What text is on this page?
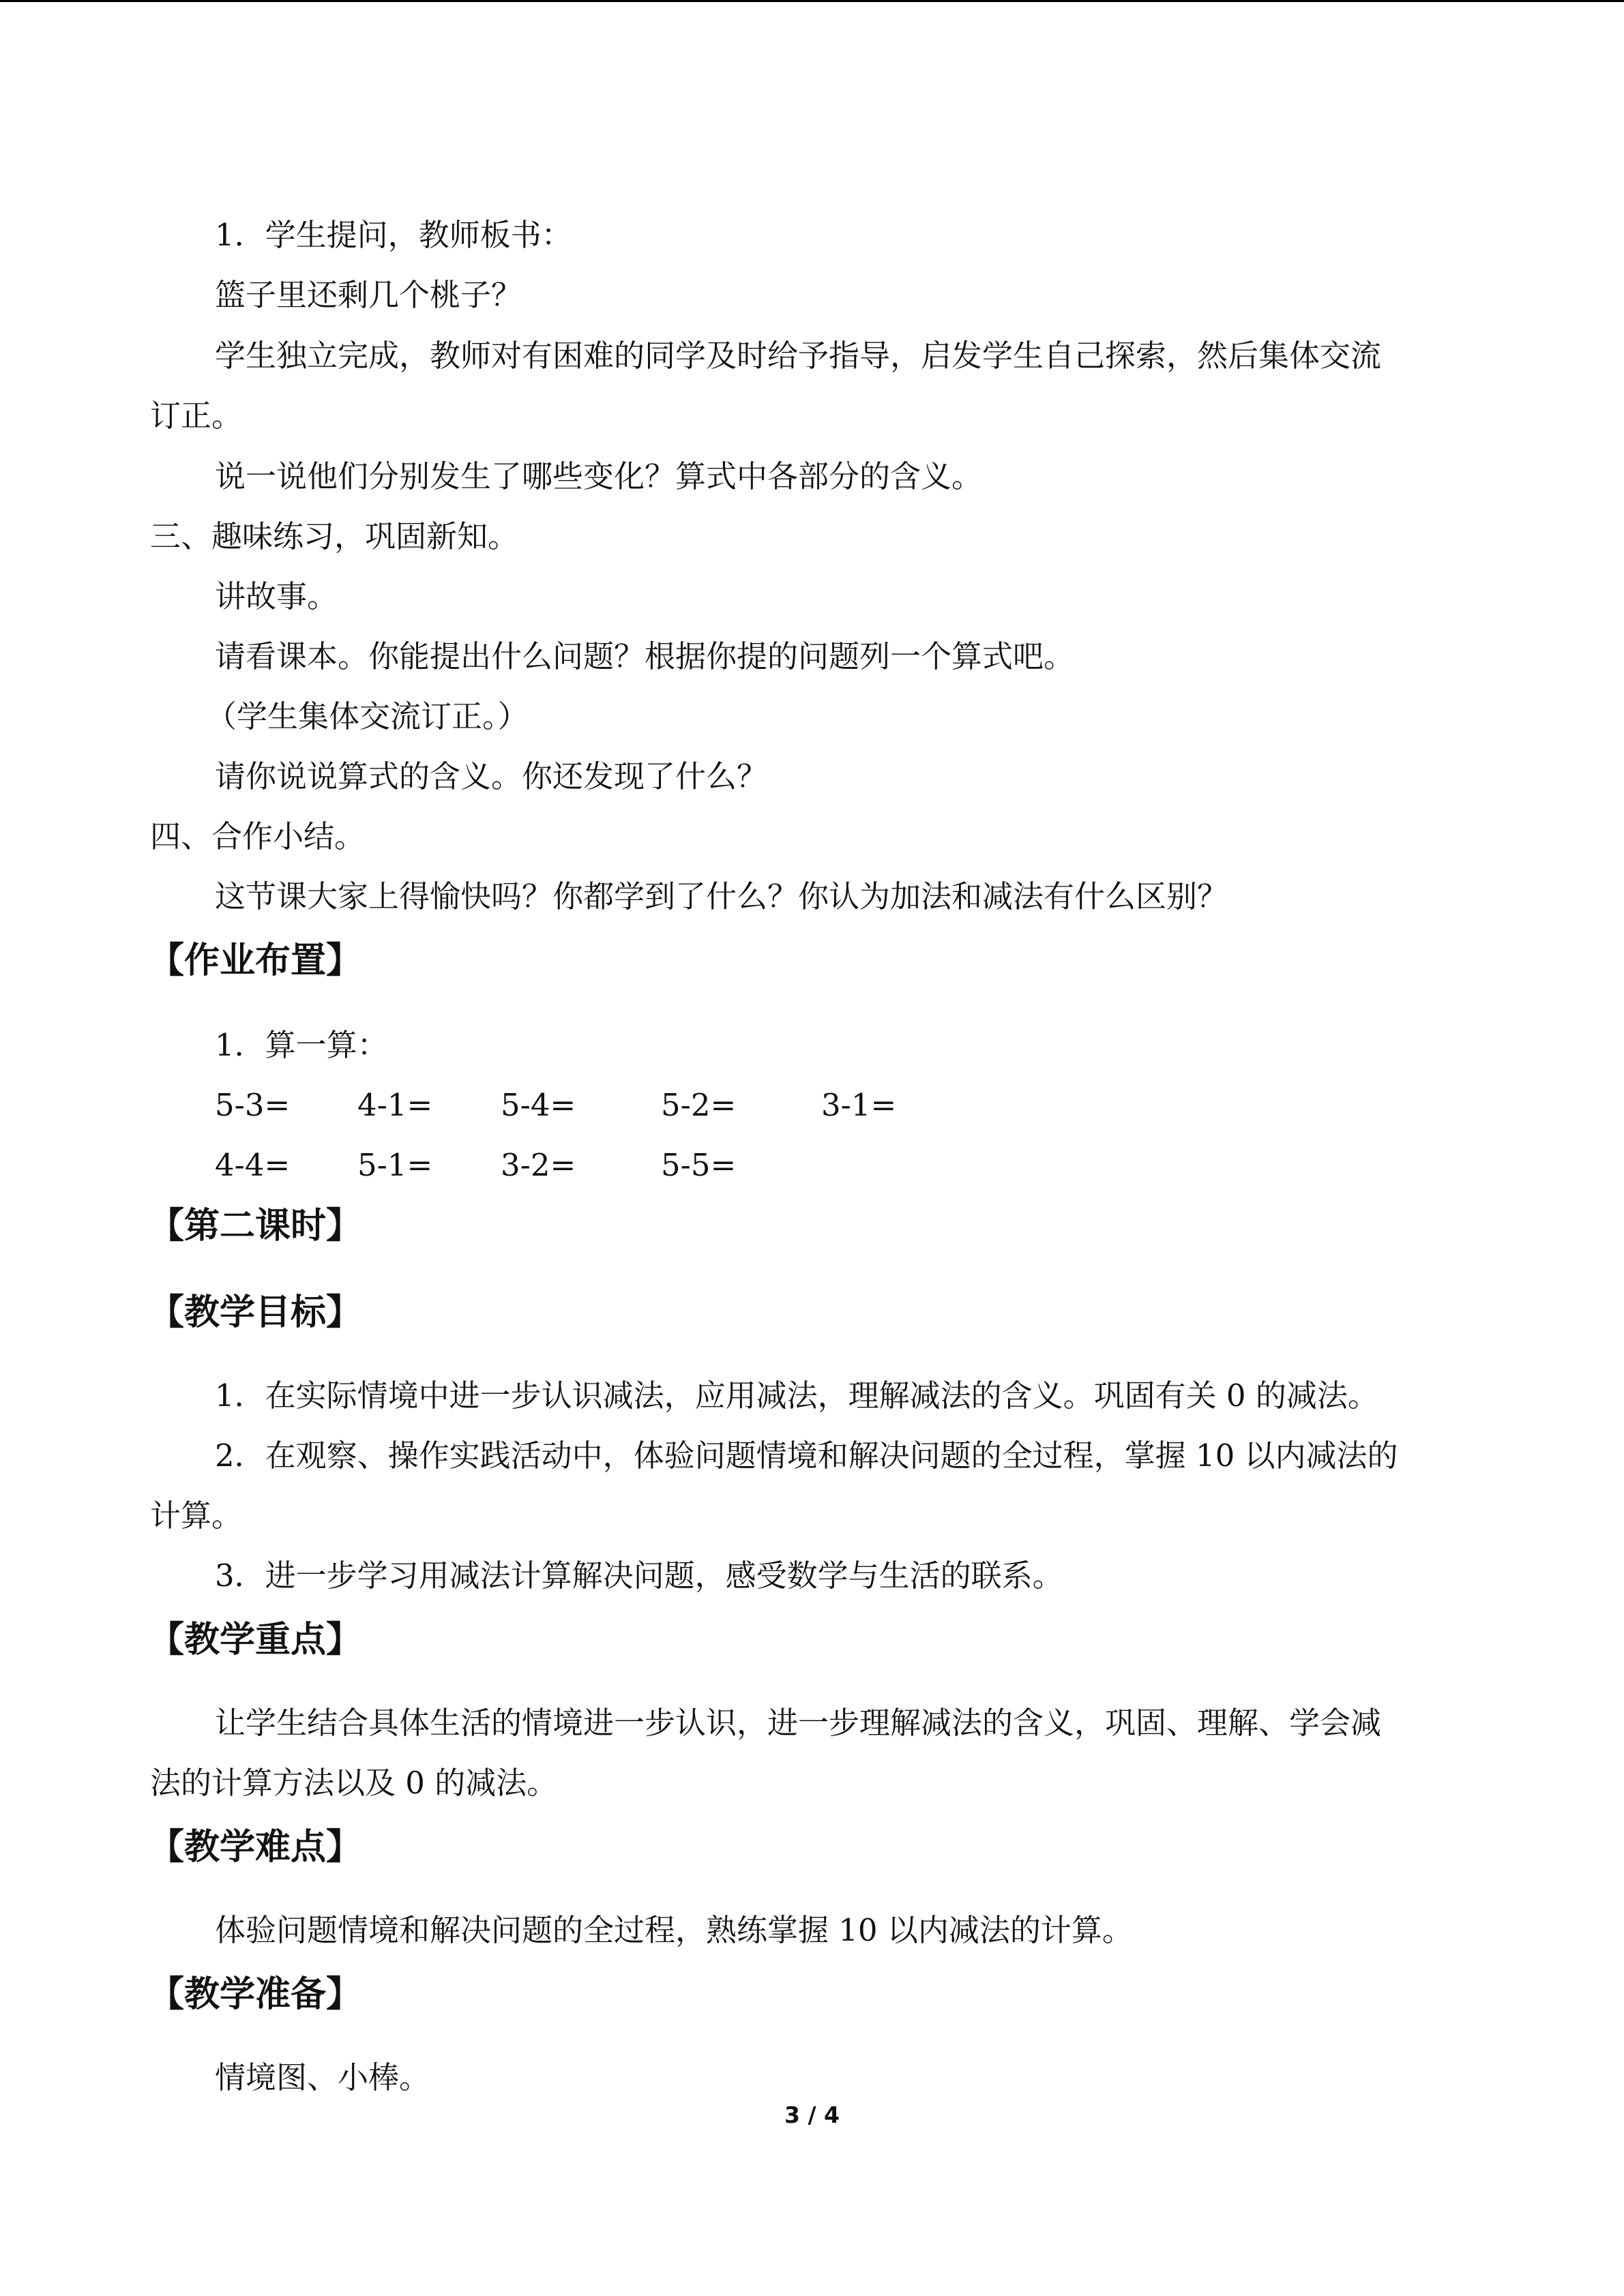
1．学生提问，教师板书：
篮子里还剩几个桃子？
学生独立完成，教师对有困难的同学及时给予指导，启发学生自己探索，然后集体交流
订正。
说一说他们分别发生了哪些变化？算式中各部分的含义。
三、趣味练习，巩固新知。
讲故事。
请看课本。你能提出什么问题？根据你提的问题列一个算式吧。
（学生集体交流订正。）
请你说说算式的含义。你还发现了什么？
四、合作小结。
这节课大家上得愉快吗？你都学到了什么？你认为加法和减法有什么区别？
【作业布置】
1．算一算：
5-3= 4-1= 5-4=	5-2=	3-1=
4-4= 5-1= 3-2=	5-5=
【第二课时】
【教学目标】
1．在实际情境中进一步认识减法，应用减法，理解减法的含义。巩固有关 0 的减法。
2．在观察、操作实践活动中，体验问题情境和解决问题的全过程，掌握 10 以内减法的
计算。
3．进一步学习用减法计算解决问题，感受数学与生活的联系。
【教学重点】
让学生结合具体生活的情境进一步认识，进一步理解减法的含义，巩固、理解、学会减
法的计算方法以及 0 的减法。
【教学难点】
体验问题情境和解决问题的全过程，熟练掌握 10 以内减法的计算。
【教学准备】
情境图、小棒。
3 / 4
